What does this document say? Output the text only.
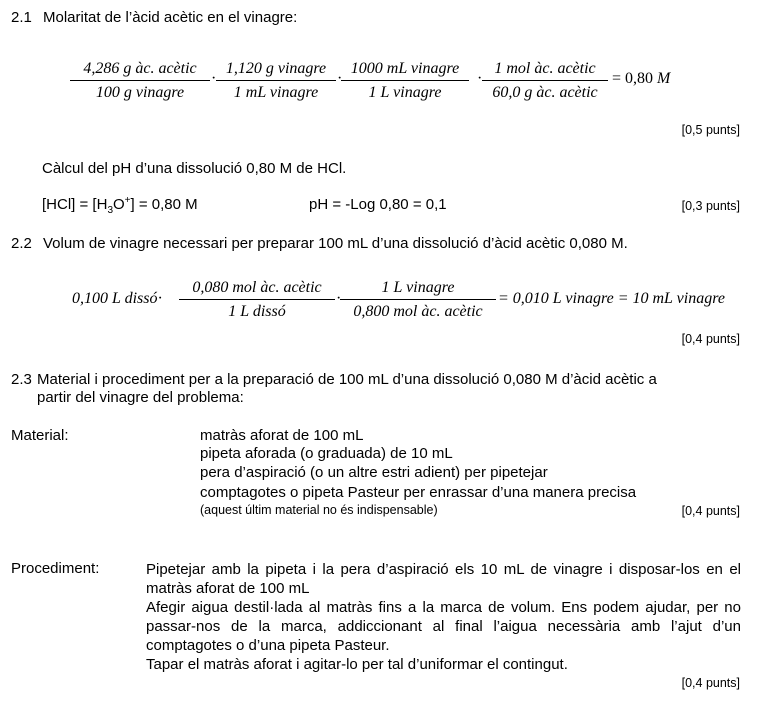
2.1 Molaritat de l’àcid acètic en el vinagre:
4,286 g àc. acètic
100 g vinagre
·
1,120 g vinagre
1 mL vinagre
·
1000 mL vinagre
1 L vinagre
·
1 mol àc. acètic
60,0 g àc. acètic
= 0,80 M
[0,5 punts]
Càlcul del pH d’una dissolució 0,80 M de HCl.
$[HCl] = [H_3O^+] = 0,80$ M	pH = -Log 0,80 = 0,1	[0,3 punts]
2.2 Volum de vinagre necessari per preparar 100 mL d’una dissolució d’àcid acètic 0,080 M.
0,100 L dissó·
0,080 mol àc. acètic
1 L dissó
·
1 L vinagre
0,800 mol àc. acètic
= 0,010 L vinagre = 10 mL vinagre
[0,4 punts]
2.3 Material i procediment per a la preparació de 100 mL d’una dissolució 0,080 M d’àcid acètic a
partir del vinagre del problema:
Material:	matràs aforat de 100 mL
pipeta aforada (o graduada) de 10 mL
pera d’aspiració (o un altre estri adient) per pipetejar
comptagotes o pipeta Pasteur per enrassar d’una manera precisa
(aquest últim material no és indispensable)	[0,4 punts]
Procediment:	Pipetejar amb la pipeta i la pera d’aspiració els 10 mL de vinagre i disposar-los en el matràs aforat de 100 mL
Afegir aigua destil·lada al matràs fins a la marca de volum. Ens podem ajudar, per no passar-nos de la marca, addiccionant al final l’aigua necessària amb l’ajut d’un comptagotes o d’una pipeta Pasteur.
Tapar el matràs aforat i agitar-lo per tal d’uniformar el contingut.
[0,4 punts]
